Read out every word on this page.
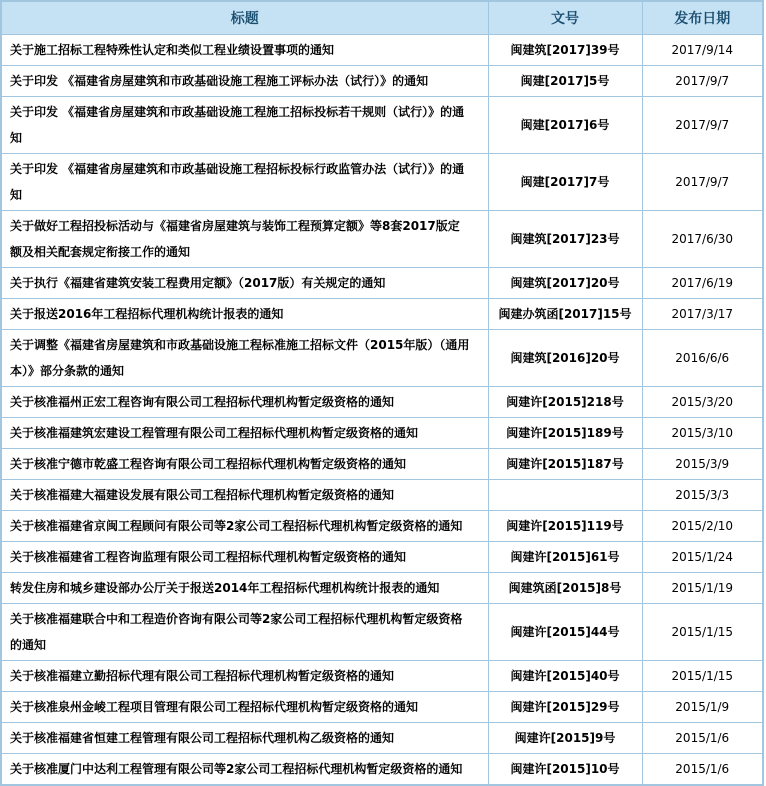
标题	文号	发布日期
关于施工招标工程特殊性认定和类似工程业绩设置事项的通知	闽建筑[2017]39号	2017/9/14
关于印发 《福建省房屋建筑和市政基础设施工程施工评标办法（试行）》的通知	闽建[2017]5号	2017/9/7
关于印发 《福建省房屋建筑和市政基础设施工程施工招标投标若干规则（试行）》的通知	闽建[2017]6号	2017/9/7
关于印发 《福建省房屋建筑和市政基础设施工程招标投标行政监管办法（试行）》的通知	闽建[2017]7号	2017/9/7
关于做好工程招投标活动与《福建省房屋建筑与装饰工程预算定额》等8套2017版定额及相关配套规定衔接工作的通知	闽建筑[2017]23号	2017/6/30
关于执行《福建省建筑安装工程费用定额》（2017版）有关规定的通知	闽建筑[2017]20号	2017/6/19
关于报送2016年工程招标代理机构统计报表的通知	闽建办筑函[2017]15号	2017/3/17
关于调整《福建省房屋建筑和市政基础设施工程标准施工招标文件（2015年版）（通用本）》部分条款的通知	闽建筑[2016]20号	2016/6/6
关于核准福州正宏工程咨询有限公司工程招标代理机构暂定级资格的通知	闽建许[2015]218号	2015/3/20
关于核准福建筑宏建设工程管理有限公司工程招标代理机构暂定级资格的通知	闽建许[2015]189号	2015/3/10
关于核准宁德市乾盛工程咨询有限公司工程招标代理机构暂定级资格的通知	闽建许[2015]187号	2015/3/9
关于核准福建大福建设发展有限公司工程招标代理机构暂定级资格的通知		2015/3/3
关于核准福建省京闽工程顾问有限公司等2家公司工程招标代理机构暂定级资格的通知	闽建许[2015]119号	2015/2/10
关于核准福建省工程咨询监理有限公司工程招标代理机构暂定级资格的通知	闽建许[2015]61号	2015/1/24
转发住房和城乡建设部办公厅关于报送2014年工程招标代理机构统计报表的通知	闽建筑函[2015]8号	2015/1/19
关于核准福建联合中和工程造价咨询有限公司等2家公司工程招标代理机构暂定级资格的通知	闽建许[2015]44号	2015/1/15
关于核准福建立勤招标代理有限公司工程招标代理机构暂定级资格的通知	闽建许[2015]40号	2015/1/15
关于核准泉州金崚工程项目管理有限公司工程招标代理机构暂定级资格的通知	闽建许[2015]29号	2015/1/9
关于核准福建省恒建工程管理有限公司工程招标代理机构乙级资格的通知	闽建许[2015]9号	2015/1/6
关于核准厦门中达利工程管理有限公司等2家公司工程招标代理机构暂定级资格的通知	闽建许[2015]10号	2015/1/6
